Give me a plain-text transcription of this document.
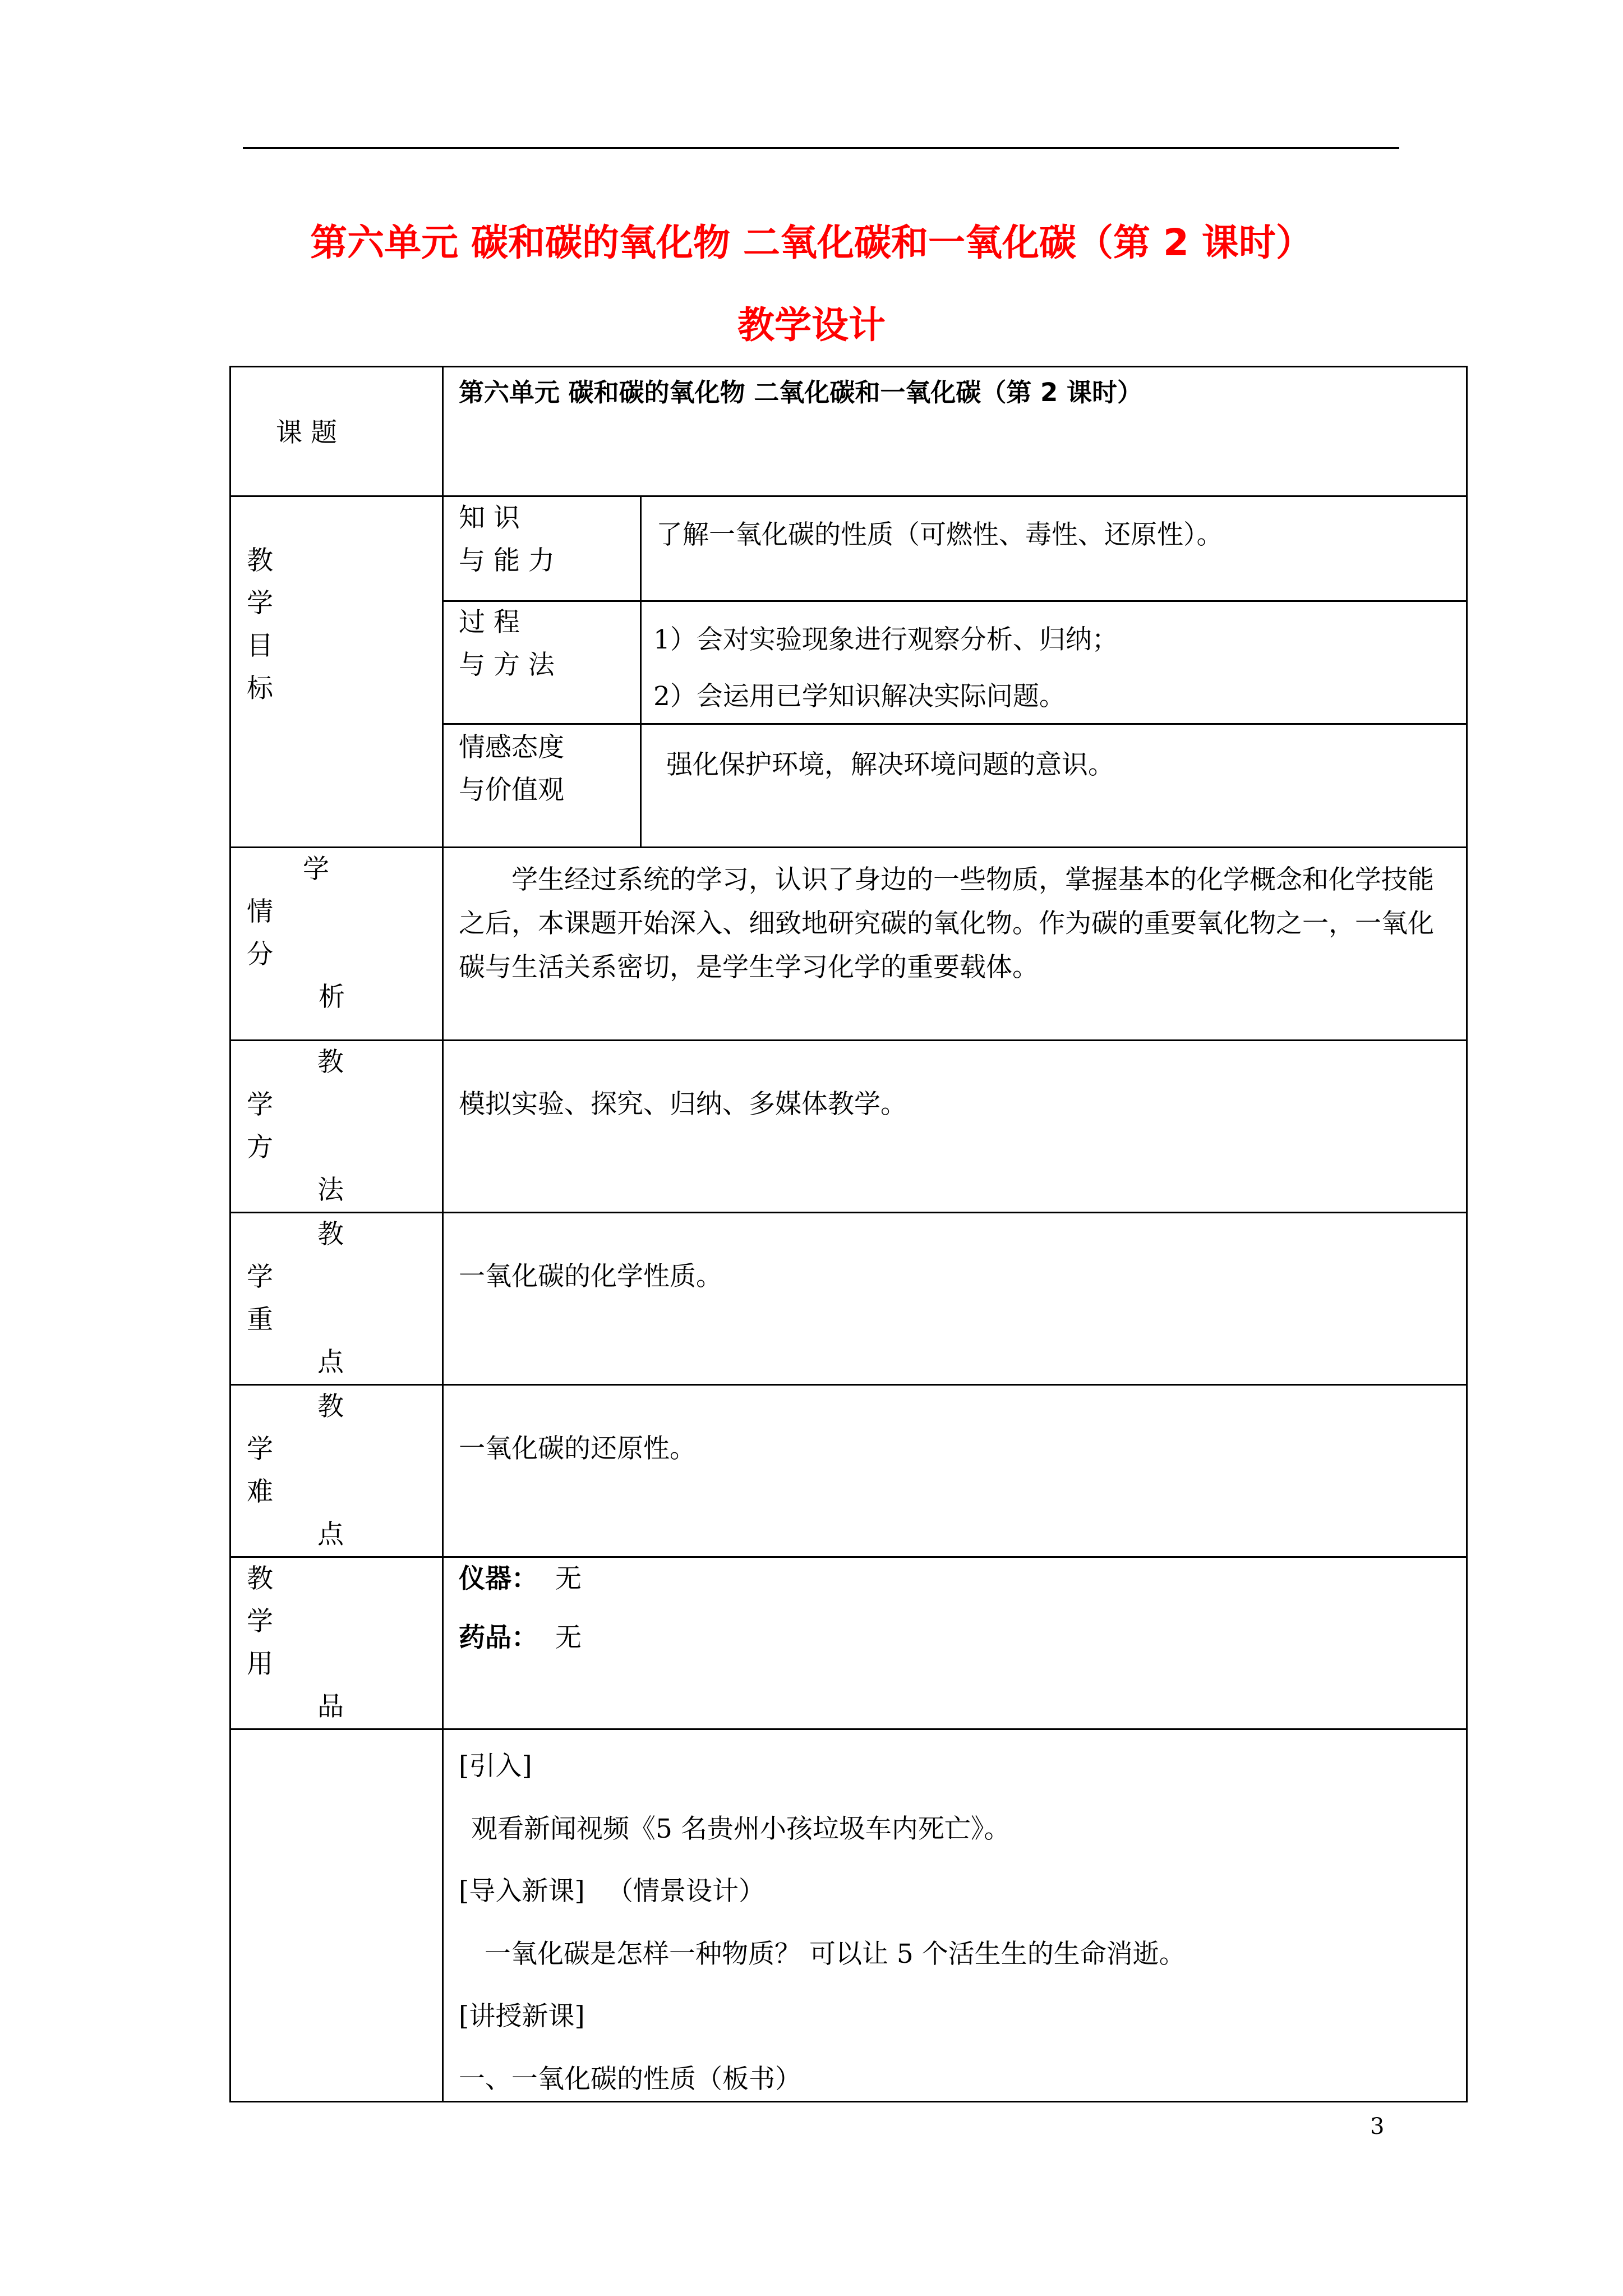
第六单元 碳和碳的氧化物 二氧化碳和一氧化碳（第 2 课时）
教学设计
课 题
第六单元 碳和碳的氧化物 二氧化碳和一氧化碳（第 2 课时）
教
学
目
标
知 识
与 能 力
了解一氧化碳的性质（可燃性、毒性、还原性）。
过 程
与 方 法
1）会对实验现象进行观察分析、归纳；
2）会运用已学知识解决实际问题。
情感态度
与价值观
强化保护环境，解决环境问题的意识。
学
情
分
析
学生经过系统的学习，认识了身边的一些物质，掌握基本的化学概念和化学技能之后，本课题开始深入、细致地研究碳的氧化物。作为碳的重要氧化物之一，一氧化碳与生活关系密切，是学生学习化学的重要载体。
教
学
方
法
模拟实验、探究、归纳、多媒体教学。
教
学
重
点
一氧化碳的化学性质。
教
学
难
点
一氧化碳的还原性。
教
学
用
品
仪器： 无
药品： 无
[引入]
观看新闻视频《5 名贵州小孩垃圾车内死亡》。
[导入新课] （情景设计）
一氧化碳是怎样一种物质？ 可以让 5 个活生生的生命消逝。
[讲授新课]
一、一氧化碳的性质（板书）
3
